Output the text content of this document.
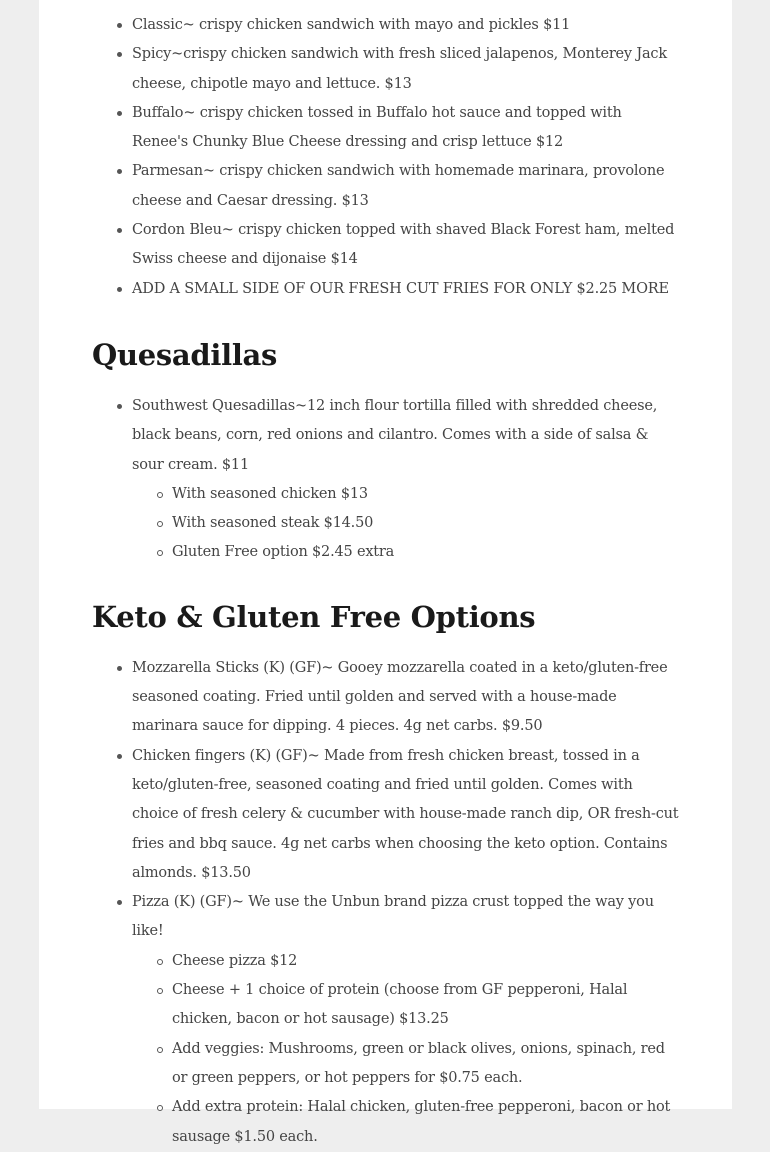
Classic~ crispy chicken sandwich with mayo and pickles $11
Spicy~crispy chicken sandwich with fresh sliced jalapenos, Monterey Jack cheese, chipotle mayo and lettuce. $13
Buffalo~ crispy chicken tossed in Buffalo hot sauce and topped with Renee's Chunky Blue Cheese dressing and crisp lettuce $12
Parmesan~ crispy chicken sandwich with homemade marinara, provolone cheese and Caesar dressing. $13
Cordon Bleu~ crispy chicken topped with shaved Black Forest ham, melted Swiss cheese and dijonaise $14
ADD A SMALL SIDE OF OUR FRESH CUT FRIES FOR ONLY $2.25 MORE
Quesadillas
Southwest Quesadillas~12 inch flour tortilla filled with shredded cheese, black beans, corn, red onions and cilantro. Comes with a side of salsa & sour cream. $11
With seasoned chicken $13
With seasoned steak $14.50
Gluten Free option $2.45 extra
Keto & Gluten Free Options
Mozzarella Sticks (K) (GF)~ Gooey mozzarella coated in a keto/gluten-free seasoned coating. Fried until golden and served with a house-made marinara sauce for dipping. 4 pieces. 4g net carbs. $9.50
Chicken fingers (K) (GF)~ Made from fresh chicken breast, tossed in a keto/gluten-free, seasoned coating and fried until golden. Comes with choice of fresh celery & cucumber with house-made ranch dip, OR fresh-cut fries and bbq sauce. 4g net carbs when choosing the keto option. Contains almonds. $13.50
Pizza (K) (GF)~ We use the Unbun brand pizza crust topped the way you like!
Cheese pizza $12
Cheese + 1 choice of protein (choose from GF pepperoni, Halal chicken, bacon or hot sausage) $13.25
Add veggies: Mushrooms, green or black olives, onions, spinach, red or green peppers, or hot peppers for $0.75 each.
Add extra protein: Halal chicken, gluten-free pepperoni, bacon or hot sausage $1.50 each.
